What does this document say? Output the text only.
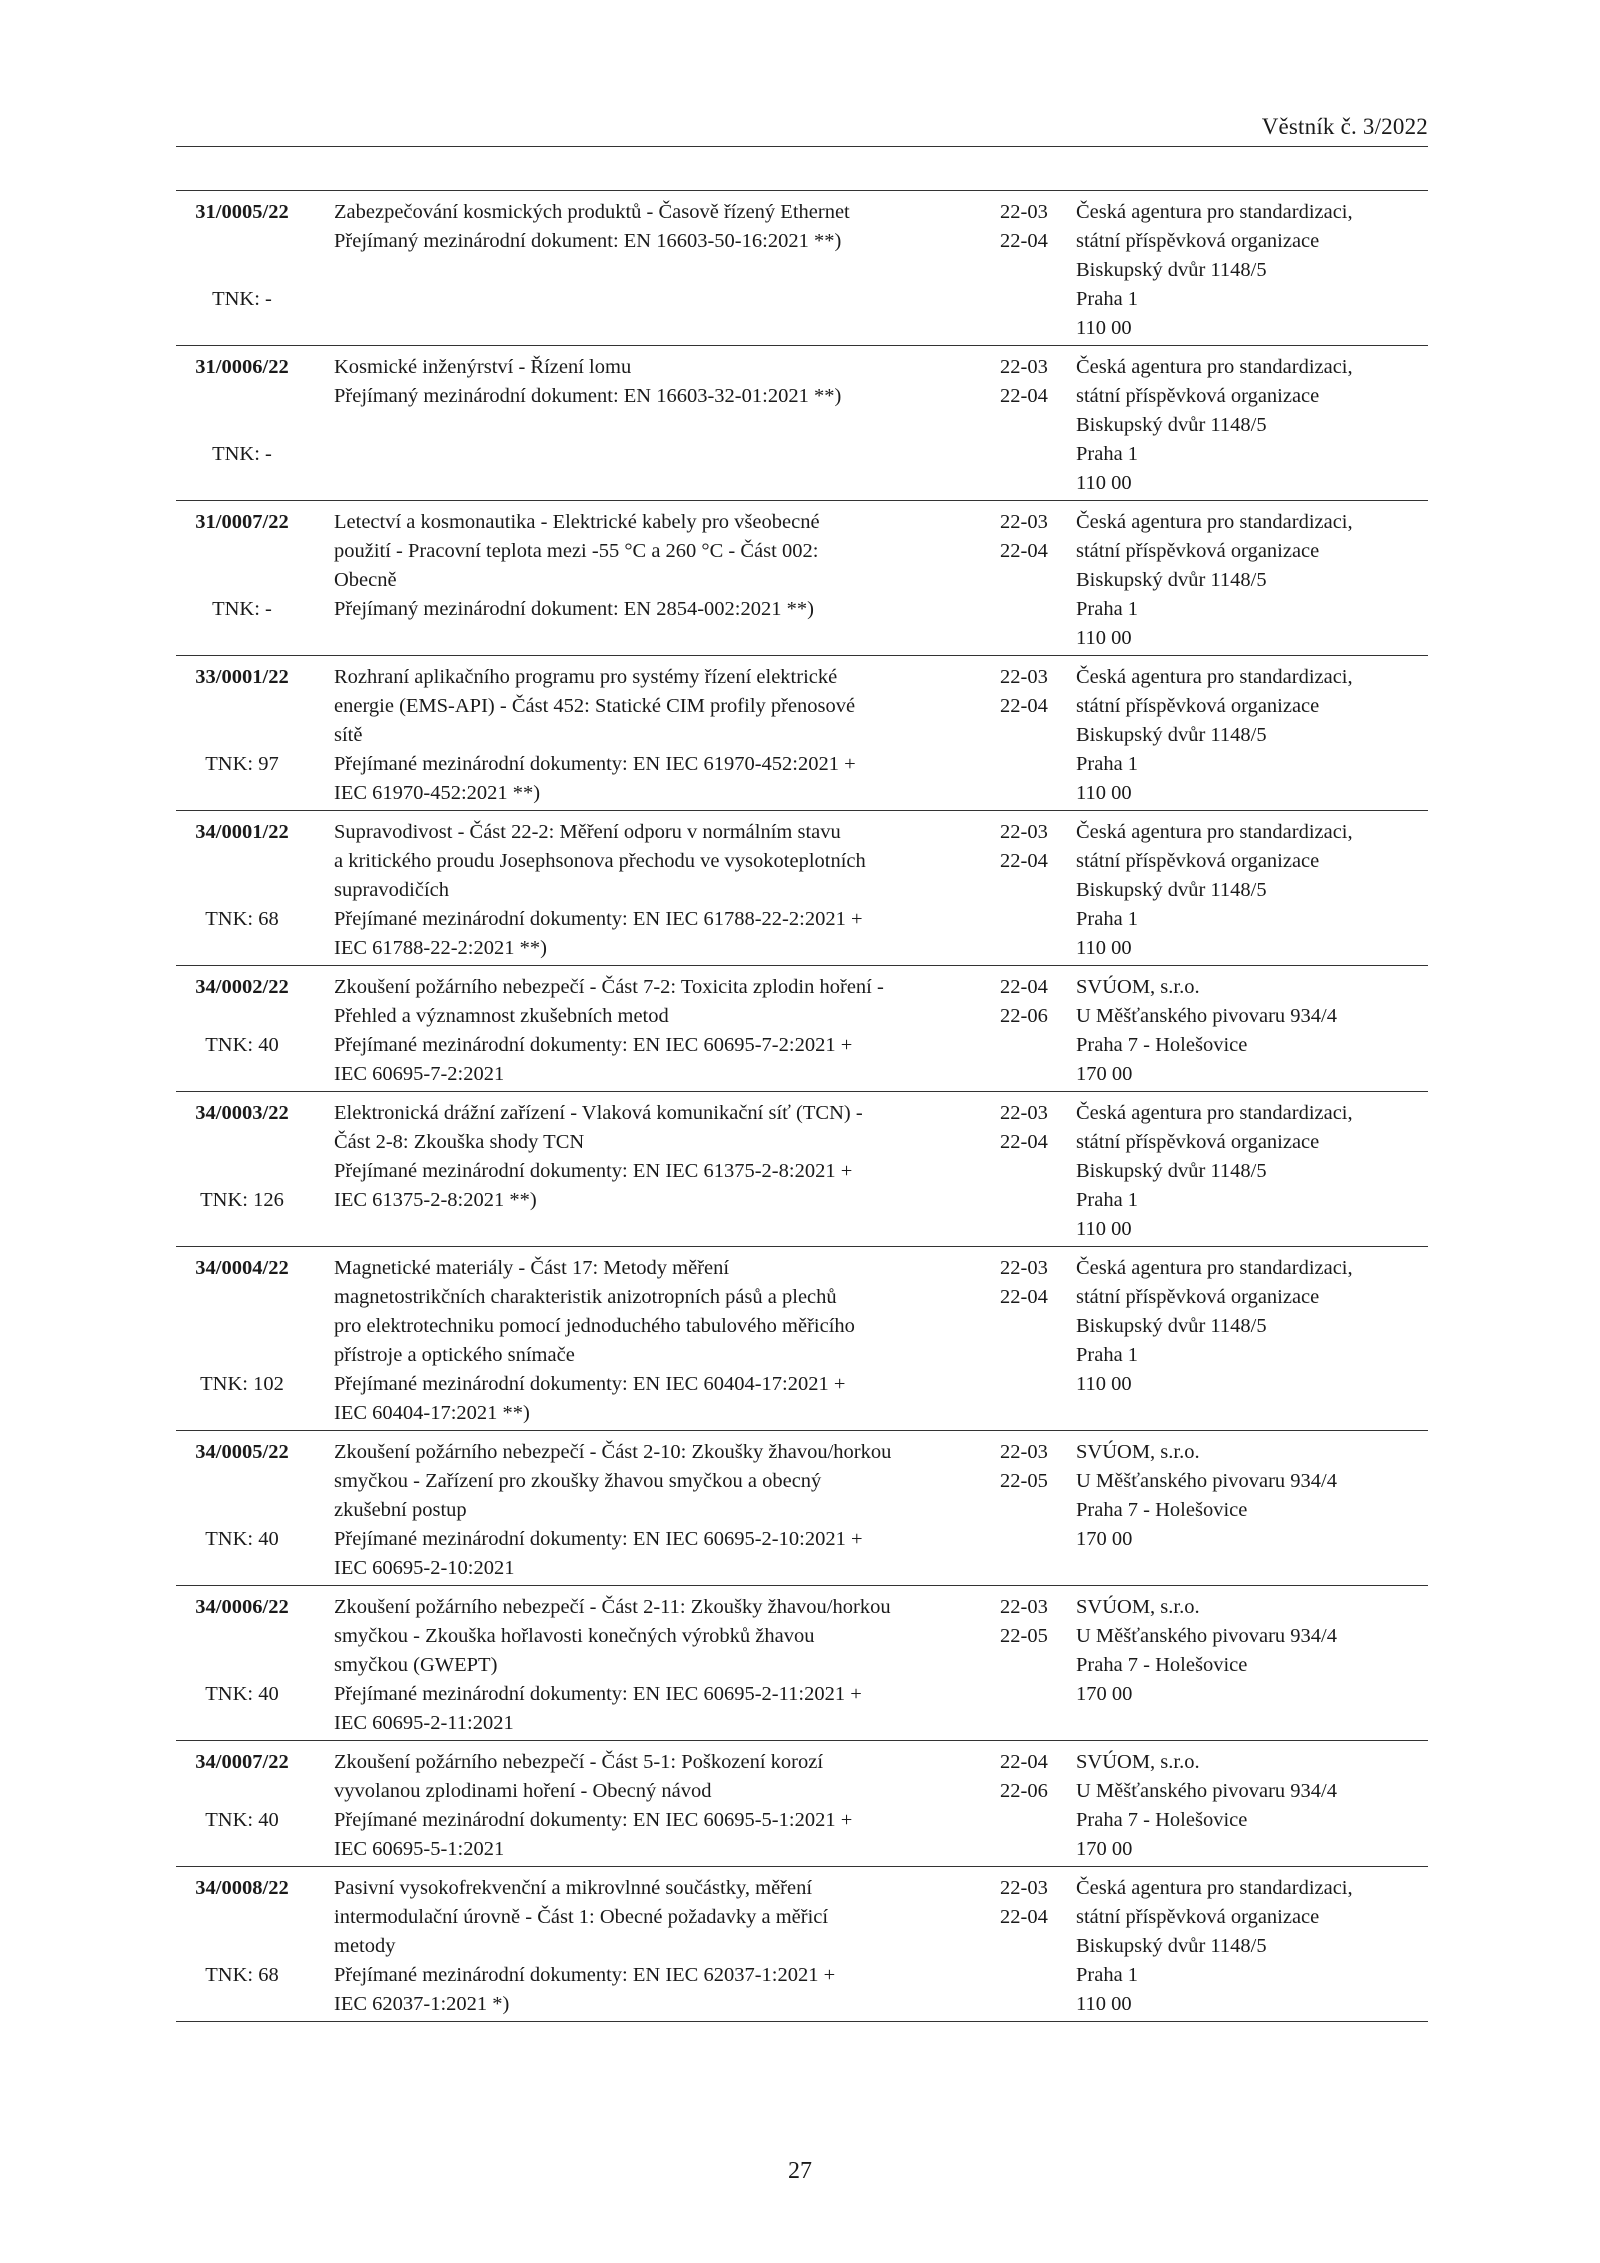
Věstník č. 3/2022
31/0005/22
TNK: -
Zabezpečování kosmických produktů - Časově řízený Ethernet
Přejímaný mezinárodní dokument: EN 16603-50-16:2021 **)
22-03
22-04
Česká agentura pro standardizaci,
státní příspěvková organizace
Biskupský dvůr 1148/5
Praha 1
110 00
31/0006/22
TNK: -
Kosmické inženýrství - Řízení lomu
Přejímaný mezinárodní dokument: EN 16603-32-01:2021 **)
22-03
22-04
Česká agentura pro standardizaci,
státní příspěvková organizace
Biskupský dvůr 1148/5
Praha 1
110 00
31/0007/22
TNK: -
Letectví a kosmonautika - Elektrické kabely pro všeobecné
použití - Pracovní teplota mezi -55 °C a 260 °C - Část 002:
Obecně
Přejímaný mezinárodní dokument: EN 2854-002:2021 **)
22-03
22-04
Česká agentura pro standardizaci,
státní příspěvková organizace
Biskupský dvůr 1148/5
Praha 1
110 00
33/0001/22
TNK: 97
Rozhraní aplikačního programu pro systémy řízení elektrické
energie (EMS-API) - Část 452: Statické CIM profily přenosové
sítě
Přejímané mezinárodní dokumenty: EN IEC 61970-452:2021 +
IEC 61970-452:2021 **)
22-03
22-04
Česká agentura pro standardizaci,
státní příspěvková organizace
Biskupský dvůr 1148/5
Praha 1
110 00
34/0001/22
TNK: 68
Supravodivost - Část 22-2: Měření odporu v normálním stavu
a kritického proudu Josephsonova přechodu ve vysokoteplotních
supravodičích
Přejímané mezinárodní dokumenty: EN IEC 61788-22-2:2021 +
IEC 61788-22-2:2021 **)
22-03
22-04
Česká agentura pro standardizaci,
státní příspěvková organizace
Biskupský dvůr 1148/5
Praha 1
110 00
34/0002/22
TNK: 40
Zkoušení požárního nebezpečí - Část 7-2: Toxicita zplodin hoření -
Přehled a významnost zkušebních metod
Přejímané mezinárodní dokumenty: EN IEC 60695-7-2:2021 +
IEC 60695-7-2:2021
22-04
22-06
SVÚOM, s.r.o.
U Měšťanského pivovaru 934/4
Praha 7 - Holešovice
170 00
34/0003/22
TNK: 126
Elektronická drážní zařízení - Vlaková komunikační síť (TCN) -
Část 2-8: Zkouška shody TCN
Přejímané mezinárodní dokumenty: EN IEC 61375-2-8:2021 +
IEC 61375-2-8:2021 **)
22-03
22-04
Česká agentura pro standardizaci,
státní příspěvková organizace
Biskupský dvůr 1148/5
Praha 1
110 00
34/0004/22
TNK: 102
Magnetické materiály - Část 17: Metody měření
magnetostrikčních charakteristik anizotropních pásů a plechů
pro elektrotechniku pomocí jednoduchého tabulového měřicího
přístroje a optického snímače
Přejímané mezinárodní dokumenty: EN IEC 60404-17:2021 +
IEC 60404-17:2021 **)
22-03
22-04
Česká agentura pro standardizaci,
státní příspěvková organizace
Biskupský dvůr 1148/5
Praha 1
110 00
34/0005/22
TNK: 40
Zkoušení požárního nebezpečí - Část 2-10: Zkoušky žhavou/horkou
smyčkou - Zařízení pro zkoušky žhavou smyčkou a obecný
zkušební postup
Přejímané mezinárodní dokumenty: EN IEC 60695-2-10:2021 +
IEC 60695-2-10:2021
22-03
22-05
SVÚOM, s.r.o.
U Měšťanského pivovaru 934/4
Praha 7 - Holešovice
170 00
34/0006/22
TNK: 40
Zkoušení požárního nebezpečí - Část 2-11: Zkoušky žhavou/horkou
smyčkou - Zkouška hořlavosti konečných výrobků žhavou
smyčkou (GWEPT)
Přejímané mezinárodní dokumenty: EN IEC 60695-2-11:2021 +
IEC 60695-2-11:2021
22-03
22-05
SVÚOM, s.r.o.
U Měšťanského pivovaru 934/4
Praha 7 - Holešovice
170 00
34/0007/22
TNK: 40
Zkoušení požárního nebezpečí - Část 5-1: Poškození korozí
vyvolanou zplodinami hoření - Obecný návod
Přejímané mezinárodní dokumenty: EN IEC 60695-5-1:2021 +
IEC 60695-5-1:2021
22-04
22-06
SVÚOM, s.r.o.
U Měšťanského pivovaru 934/4
Praha 7 - Holešovice
170 00
34/0008/22
TNK: 68
Pasivní vysokofrekvenční a mikrovlnné součástky, měření
intermodulační úrovně - Část 1: Obecné požadavky a měřicí
metody
Přejímané mezinárodní dokumenty: EN IEC 62037-1:2021 +
IEC 62037-1:2021 *)
22-03
22-04
Česká agentura pro standardizaci,
státní příspěvková organizace
Biskupský dvůr 1148/5
Praha 1
110 00
27
